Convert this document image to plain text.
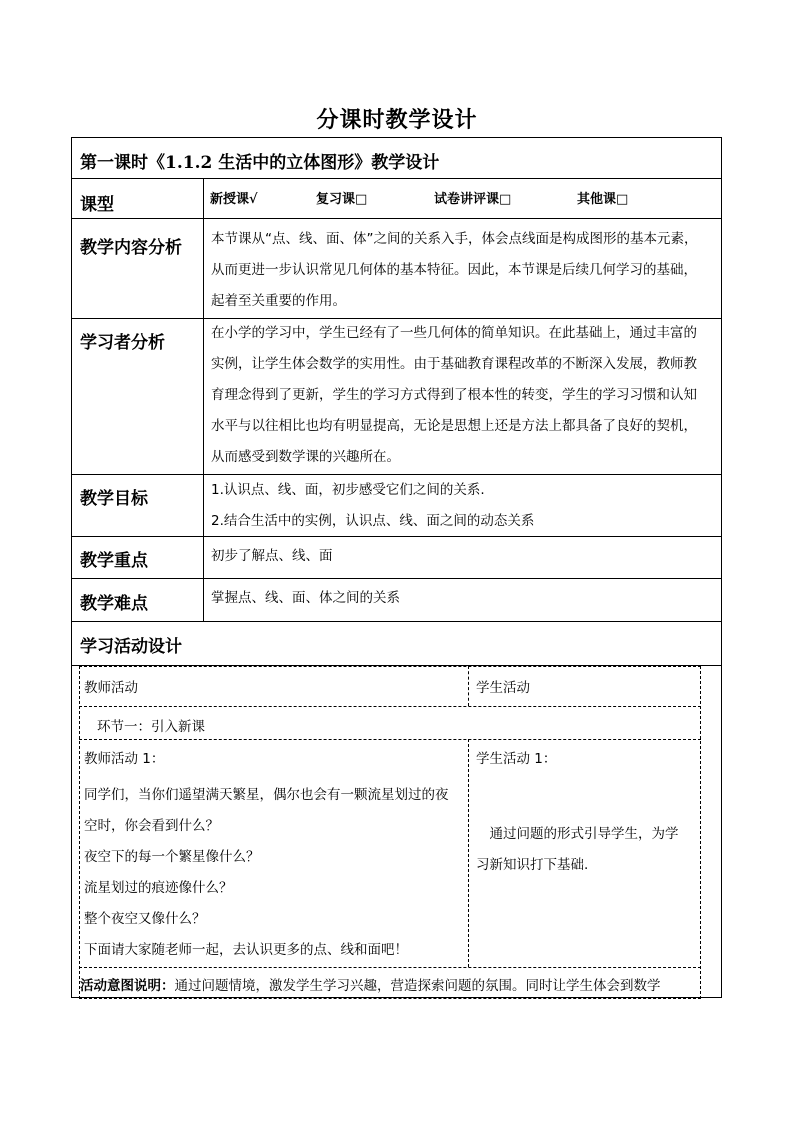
分课时教学设计
第一课时《1.1.2 生活中的立体图形》教学设计
课型	新授课√	复习课□	试卷讲评课□	其他课□
教学内容分析 本节课从“点、线、面、体”之间的关系入手，体会点线面是构成图形的基本元素，

从而更进一步认识常见几何体的基本特征。因此，本节课是后续几何学习的基础，

起着至关重要的作用。

学习者分析	在小学的学习中，学生已经有了一些几何体的简单知识。在此基础上，通过丰富的

实例，让学生体会数学的实用性。由于基础教育课程改革的不断深入发展，教师教

育理念得到了更新，学生的学习方式得到了根本性的转变，学生的学习习惯和认知

水平与以往相比也均有明显提高，无论是思想上还是方法上都具备了良好的契机，

从而感受到数学课的兴趣所在。

教学目标	1.认识点、线、面，初步感受它们之间的关系.

2.结合生活中的实例，认识点、线、面之间的动态关系

教学重点	初步了解点、线、面
教学难点	掌握点、线、面、体之间的关系
学习活动设计
教师活动	学生活动
环节一：引入新课
教师活动 1：

同学们，当你们遥望满天繁星，偶尔也会有一颗流星划过的夜

空时，你会看到什么？

夜空下的每一个繁星像什么？

流星划过的痕迹像什么？

整个夜空又像什么？

下面请大家随老师一起，去认识更多的点、线和面吧！

学生活动 1：

　通过问题的形式引导学生，为学

习新知识打下基础.

活动意图说明：通过问题情境，激发学生学习兴趣，营造探索问题的氛围。同时让学生体会到数学
